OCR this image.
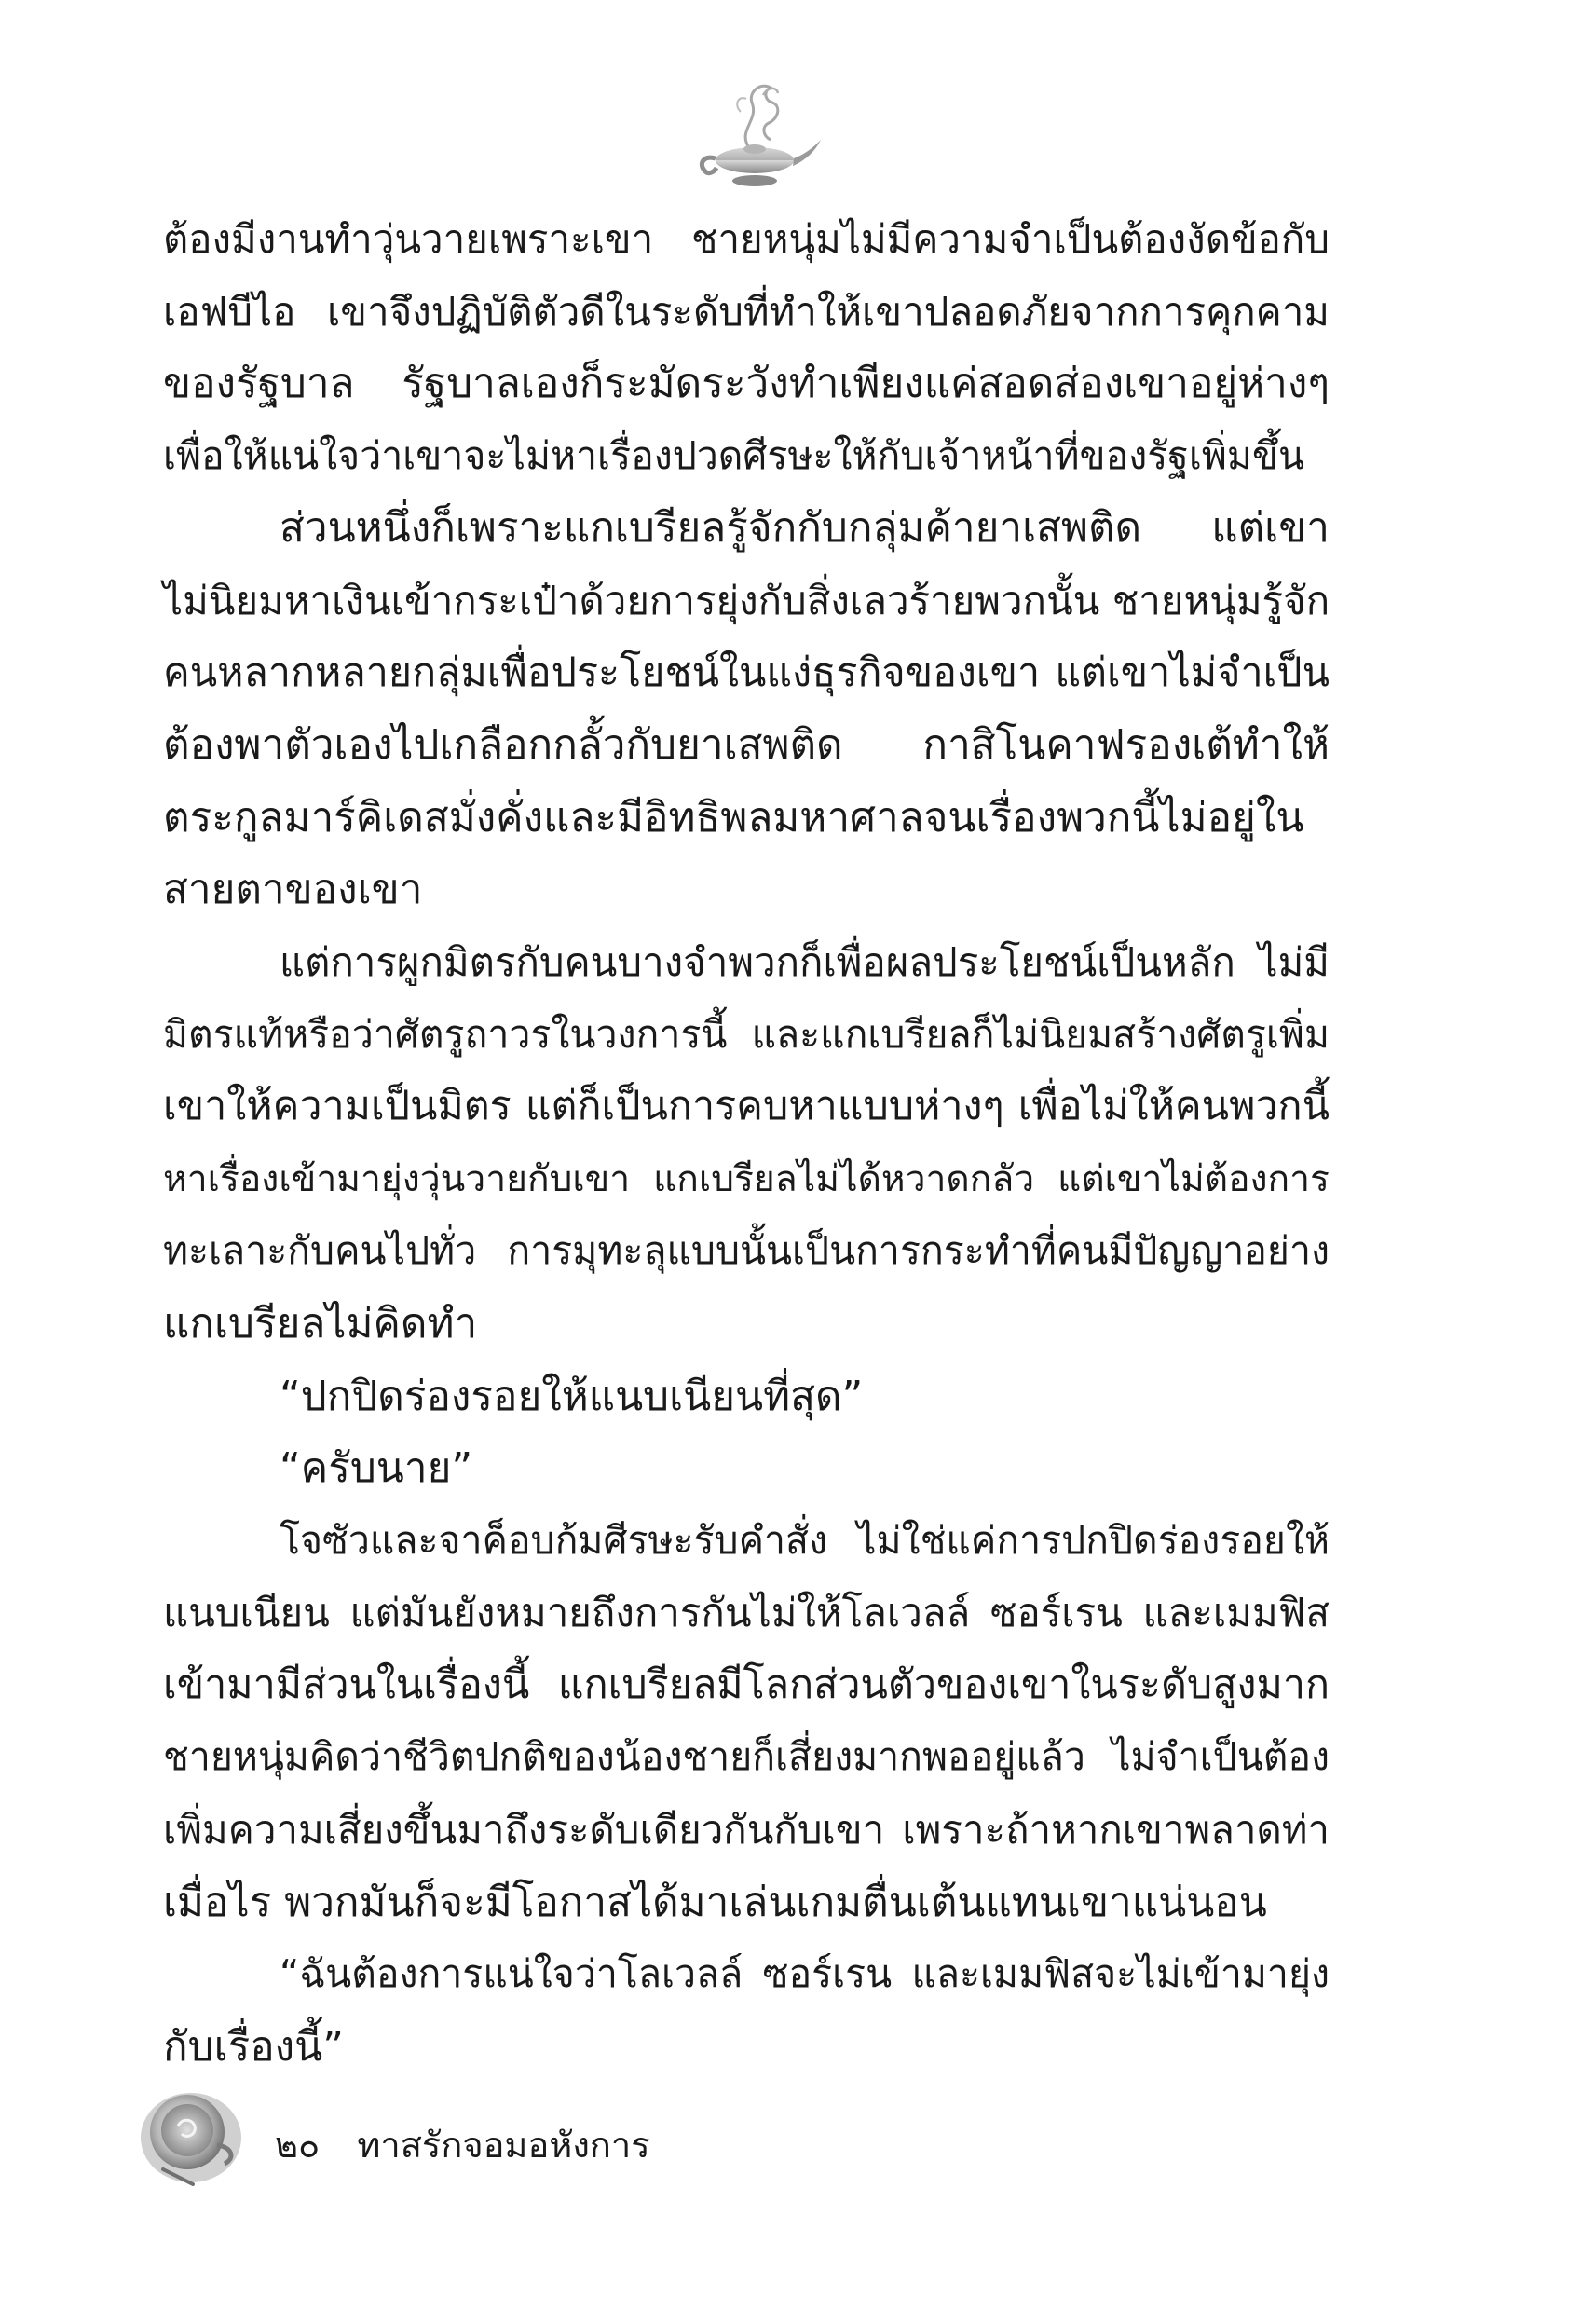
ต้องมีงานทำวุ่นวายเพราะเขา ชายหนุ่มไม่มีความจำเป็นต้องงัดข้อกับ
เอฟบีไอ เขาจึงปฏิบัติตัวดีในระดับที่ทำให้เขาปลอดภัยจากการคุกคาม
ของรัฐบาล รัฐบาลเองก็ระมัดระวังทำเพียงแค่สอดส่องเขาอยู่ห่างๆ
เพื่อให้แน่ใจว่าเขาจะไม่หาเรื่องปวดศีรษะให้กับเจ้าหน้าที่ของรัฐเพิ่มขึ้น
ส่วนหนึ่งก็เพราะแกเบรียลรู้จักกับกลุ่มค้ายาเสพติด แต่เขา
ไม่นิยมหาเงินเข้ากระเป๋าด้วยการยุ่งกับสิ่งเลวร้ายพวกนั้น ชายหนุ่มรู้จัก
คนหลากหลายกลุ่มเพื่อประโยชน์ในแง่ธุรกิจของเขา แต่เขาไม่จำเป็น
ต้องพาตัวเองไปเกลือกกลั้วกับยาเสพติด กาสิโนคาฟรองเต้ทำให้
ตระกูลมาร์คิเดสมั่งคั่งและมีอิทธิพลมหาศาลจนเรื่องพวกนี้ไม่อยู่ใน
สายตาของเขา
แต่การผูกมิตรกับคนบางจำพวกก็เพื่อผลประโยชน์เป็นหลัก ไม่มี
มิตรแท้หรือว่าศัตรูถาวรในวงการนี้ และแกเบรียลก็ไม่นิยมสร้างศัตรูเพิ่ม
เขาให้ความเป็นมิตร แต่ก็เป็นการคบหาแบบห่างๆ เพื่อไม่ให้คนพวกนี้
หาเรื่องเข้ามายุ่งวุ่นวายกับเขา แกเบรียลไม่ได้หวาดกลัว แต่เขาไม่ต้องการ
ทะเลาะกับคนไปทั่ว การมุทะลุแบบนั้นเป็นการกระทำที่คนมีปัญญาอย่าง
แกเบรียลไม่คิดทำ
“ปกปิดร่องรอยให้แนบเนียนที่สุด”
“ครับนาย”
โจซัวและจาค็อบก้มศีรษะรับคำสั่ง ไม่ใช่แค่การปกปิดร่องรอยให้
แนบเนียน แต่มันยังหมายถึงการกันไม่ให้โลเวลล์ ซอร์เรน และเมมฟิส
เข้ามามีส่วนในเรื่องนี้ แกเบรียลมีโลกส่วนตัวของเขาในระดับสูงมาก
ชายหนุ่มคิดว่าชีวิตปกติของน้องชายก็เสี่ยงมากพออยู่แล้ว ไม่จำเป็นต้อง
เพิ่มความเสี่ยงขึ้นมาถึงระดับเดียวกันกับเขา เพราะถ้าหากเขาพลาดท่า
เมื่อไร พวกมันก็จะมีโอกาสได้มาเล่นเกมตื่นเต้นแทนเขาแน่นอน
“ฉันต้องการแน่ใจว่าโลเวลล์ ซอร์เรน และเมมฟิสจะไม่เข้ามายุ่ง
กับเรื่องนี้”
๒๐ ทาสรักจอมอหังการ
